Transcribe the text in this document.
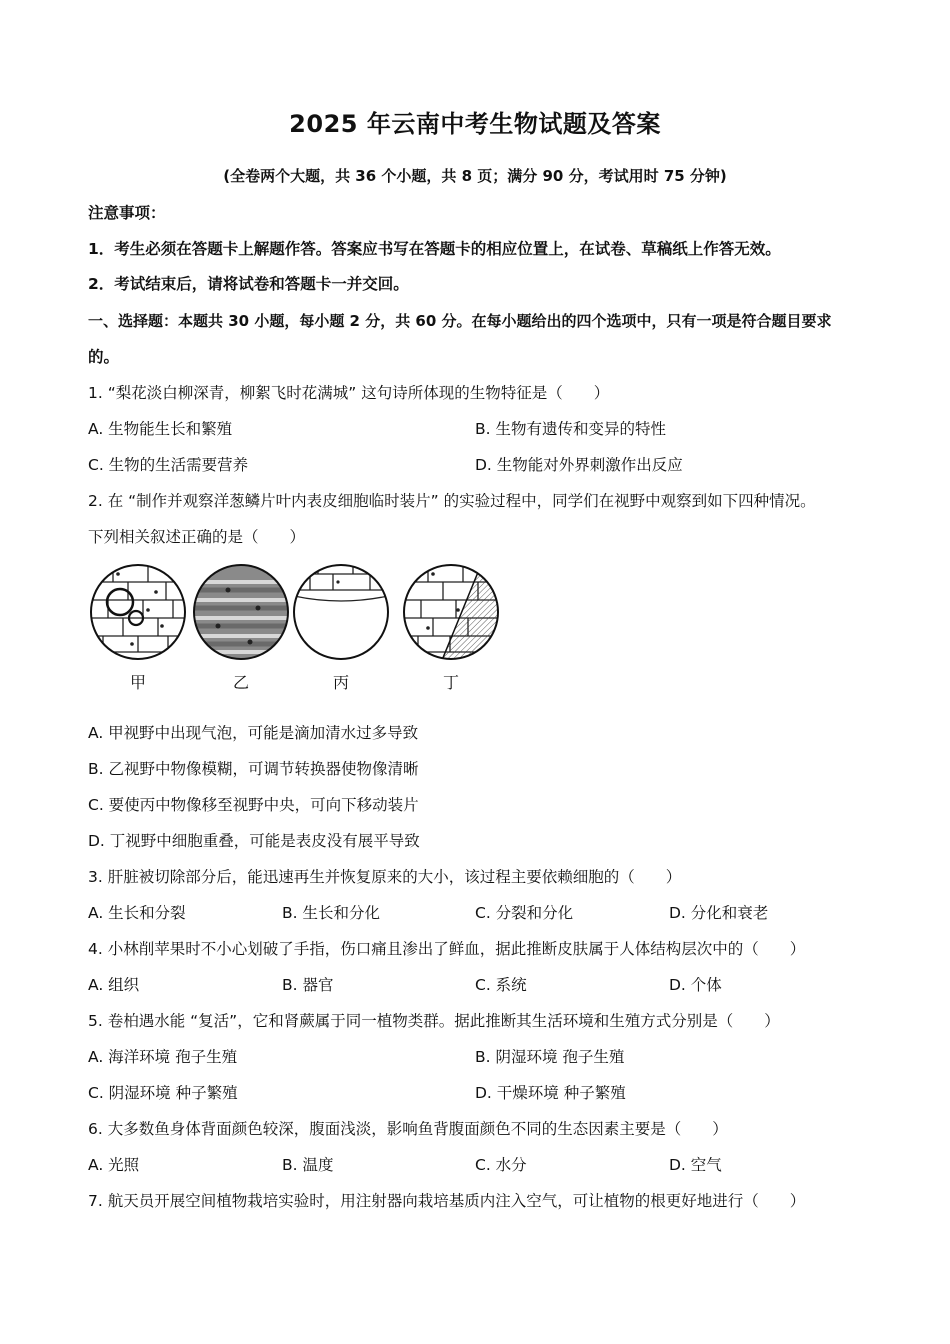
2025 年云南中考生物试题及答案
(全卷两个大题，共 36 个小题，共 8 页；满分 90 分，考试用时 75 分钟)
注意事项：
1．考生必须在答题卡上解题作答。答案应书写在答题卡的相应位置上，在试卷、草稿纸上作答无效。
2．考试结束后，请将试卷和答题卡一并交回。
一、选择题：本题共 30 小题，每小题 2 分，共 60 分。在每小题给出的四个选项中，只有一项是符合题目要求
的。
1. “梨花淡白柳深青，柳絮飞时花满城” 这句诗所体现的生物特征是（　　）
A. 生物能生长和繁殖	B. 生物有遗传和变异的特性
C. 生物的生活需要营养	D. 生物能对外界刺激作出反应
2. 在 “制作并观察洋葱鳞片叶内表皮细胞临时装片” 的实验过程中，同学们在视野中观察到如下四种情况。
下列相关叙述正确的是（　　）
甲	乙	丙	丁
A. 甲视野中出现气泡，可能是滴加清水过多导致
B. 乙视野中物像模糊，可调节转换器使物像清晰
C. 要使丙中物像移至视野中央，可向下移动装片
D. 丁视野中细胞重叠，可能是表皮没有展平导致
3. 肝脏被切除部分后，能迅速再生并恢复原来的大小，该过程主要依赖细胞的（　　）
A. 生长和分裂	B. 生长和分化	C. 分裂和分化	D. 分化和衰老
4. 小林削苹果时不小心划破了手指，伤口痛且渗出了鲜血，据此推断皮肤属于人体结构层次中的（　　）
A. 组织	B. 器官	C. 系统	D. 个体
5. 卷柏遇水能 “复活”，它和肾蕨属于同一植物类群。据此推断其生活环境和生殖方式分别是（　　）
A. 海洋环境 孢子生殖	B. 阴湿环境 孢子生殖
C. 阴湿环境 种子繁殖	D. 干燥环境 种子繁殖
6. 大多数鱼身体背面颜色较深，腹面浅淡，影响鱼背腹面颜色不同的生态因素主要是（　　）
A. 光照	B. 温度	C. 水分	D. 空气
7. 航天员开展空间植物栽培实验时，用注射器向栽培基质内注入空气，可让植物的根更好地进行（　　）
